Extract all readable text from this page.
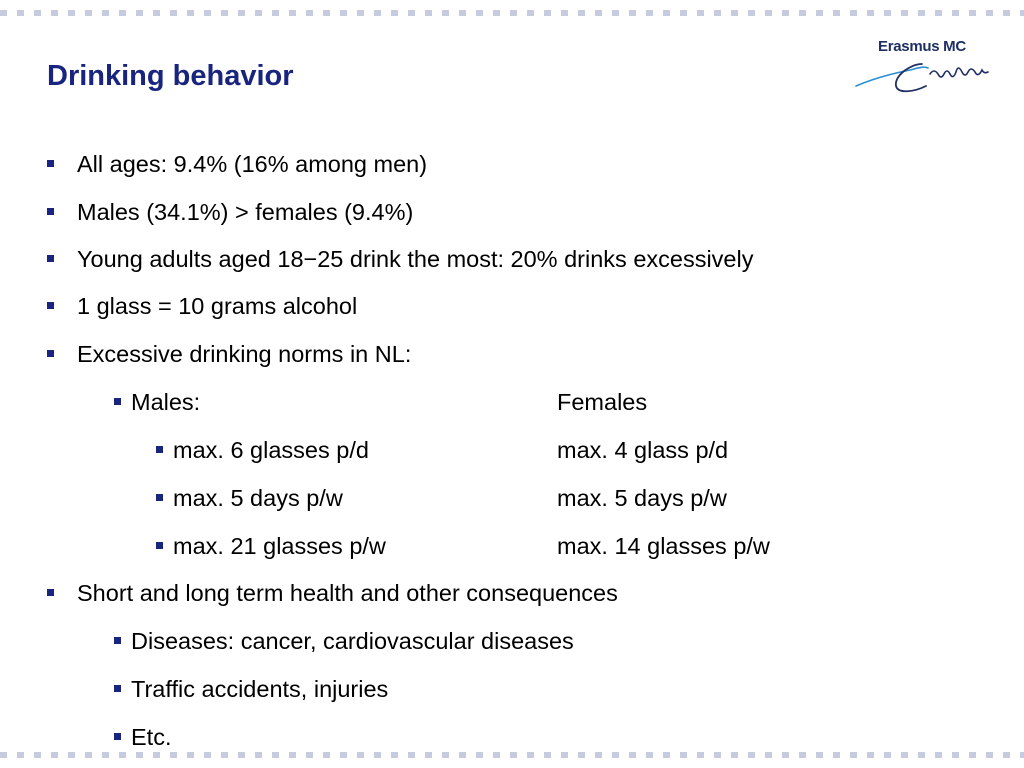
Erasmus MC
Drinking behavior
All ages: 9.4% (16% among men)
Males (34.1%) > females (9.4%)
Young adults aged 18−25 drink the most: 20% drinks excessively
1 glass = 10 grams alcohol
Excessive drinking norms in NL:
Males:	Females
max. 6 glasses p/d	max. 4 glass p/d
max. 5 days p/w	max. 5 days p/w
max. 21 glasses p/w	max. 14 glasses p/w
Short and long term health and other consequences
Diseases: cancer, cardiovascular diseases
Traffic accidents, injuries
Etc.
